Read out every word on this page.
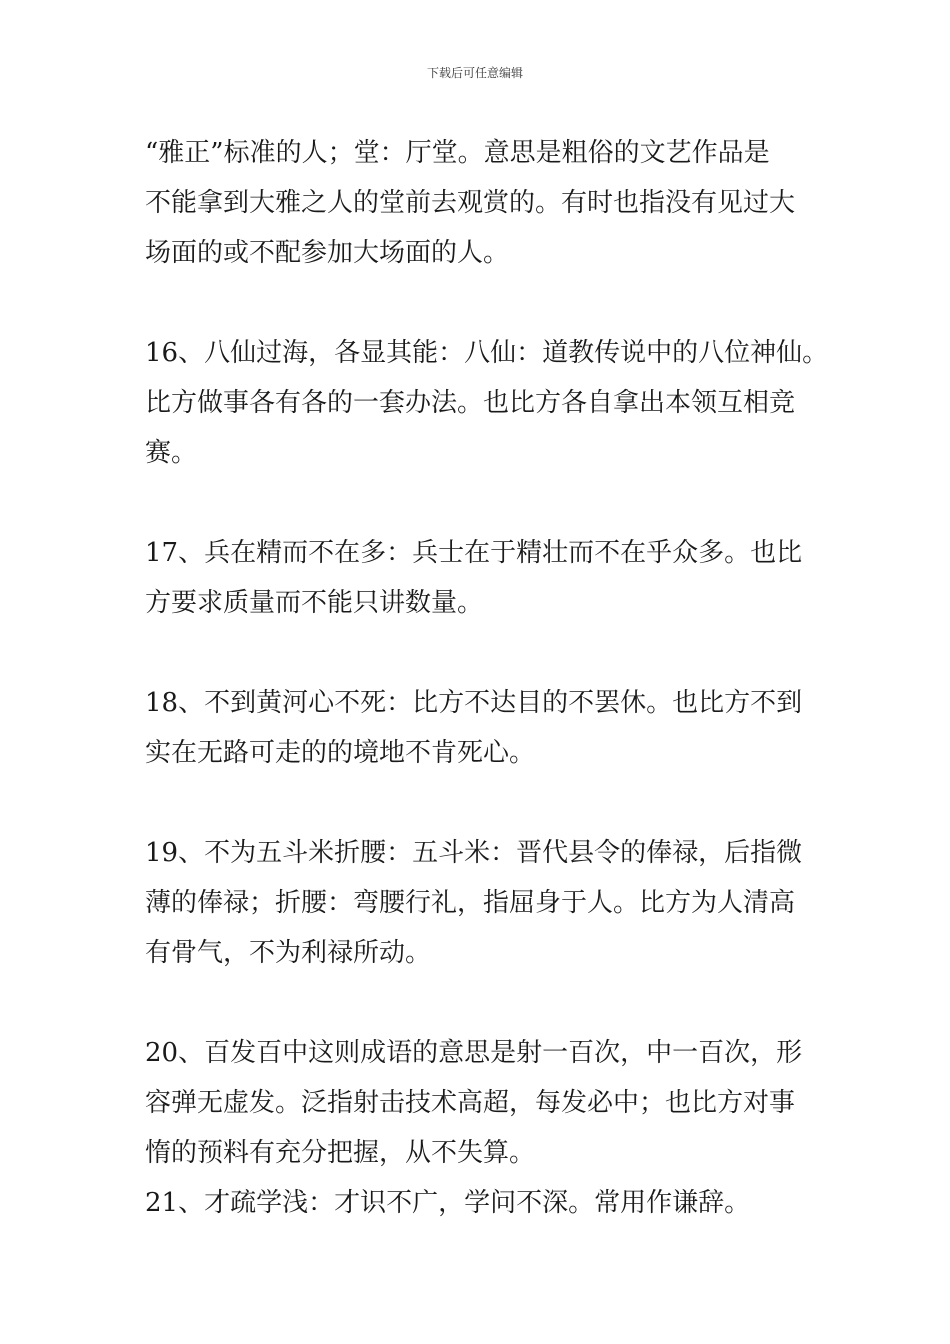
下载后可任意编辑
“雅正”标准的人；堂：厅堂。意思是粗俗的文艺作品是
不能拿到大雅之人的堂前去观赏的。有时也指没有见过大
场面的或不配参加大场面的人。
16、八仙过海，各显其能：八仙：道教传说中的八位神仙。
比方做事各有各的一套办法。也比方各自拿出本领互相竞
赛。
17、兵在精而不在多：兵士在于精壮而不在乎众多。也比
方要求质量而不能只讲数量。
18、不到黄河心不死：比方不达目的不罢休。也比方不到
实在无路可走的的境地不肯死心。
19、不为五斗米折腰：五斗米：晋代县令的俸禄，后指微
薄的俸禄；折腰：弯腰行礼，指屈身于人。比方为人清高
有骨气，不为利禄所动。
20、百发百中这则成语的意思是射一百次，中一百次，形
容弹无虚发。泛指射击技术高超，每发必中；也比方对事
惰的预料有充分把握，从不失算。
21、才疏学浅：才识不广，学问不深。常用作谦辞。
